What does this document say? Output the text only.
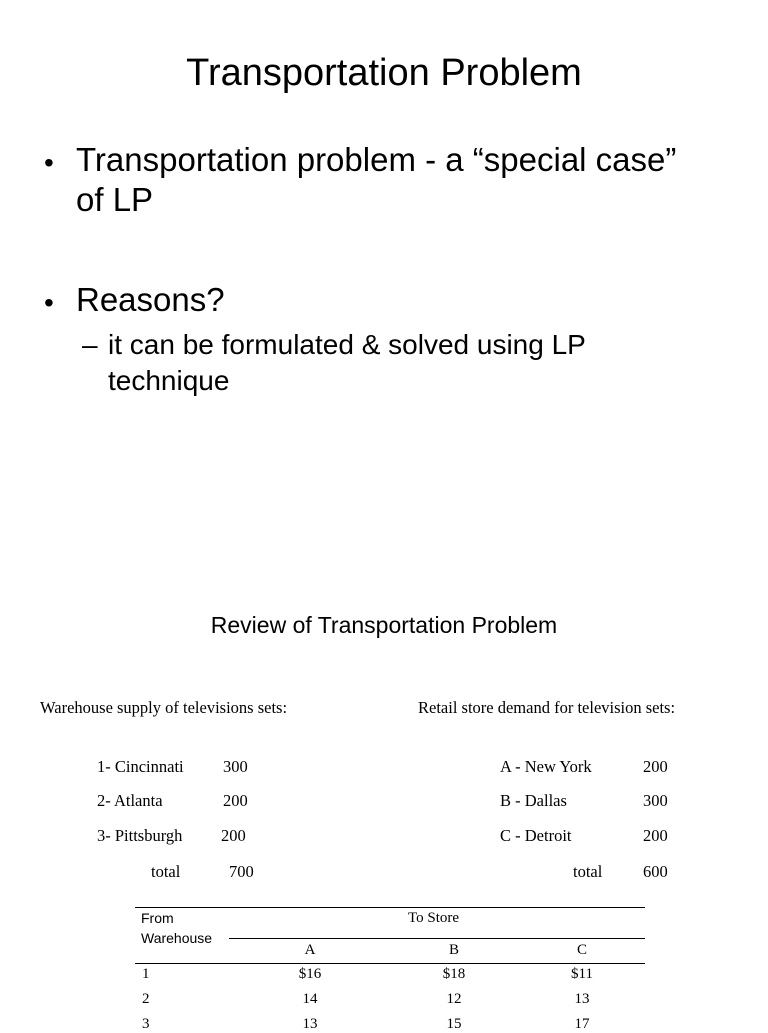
Transportation Problem
• Transportation problem - a “special case”
of LP
• Reasons?
– it can be formulated & solved using LP
technique
Review of Transportation Problem
Warehouse supply of televisions sets:	Retail store demand for television sets:
1- Cincinnati 300
2- Atlanta	200
3- Pittsburgh 200
total	700
A - New York	200
B - Dallas	300
C - Detroit	200
total 600
From
Warehouse
To Store
A	B	C
1	$16	$18	$11
2	14	12	13
3	13	15	17
